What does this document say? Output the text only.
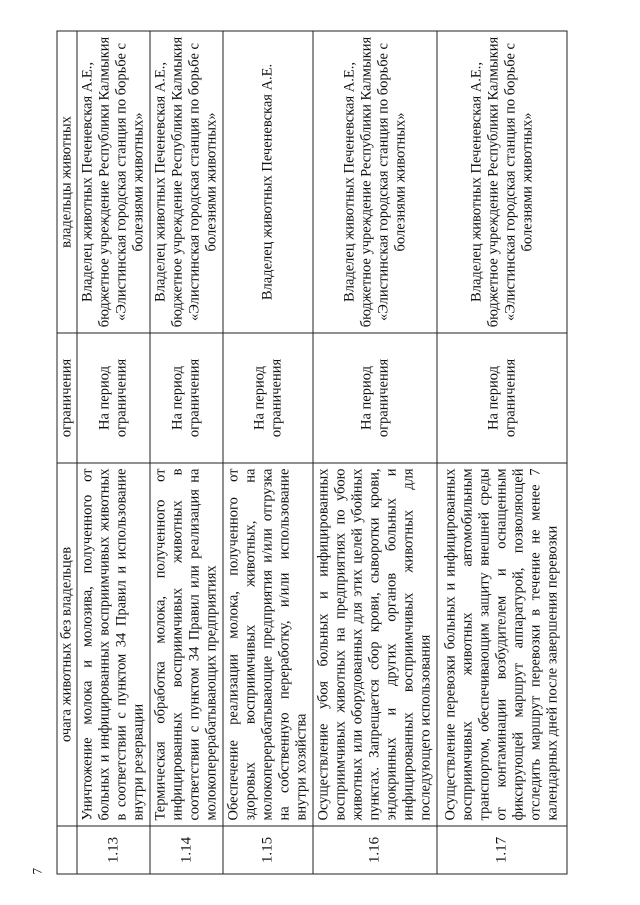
7
	очага животных без владельцев	ограничения	владельцы животных
1.13	Уничтожение молока и молозива, полученного от больных и инфицированных восприимчивых животных в соответствии с пунктом 34 Правил и использование внутри резервации	На период ограничения	Владелец животных Печеневская А.Е., бюджетное учреждение Республики Калмыкия «Элистинская городская станция по борьбе с болезнями животных»
1.14	Термическая обработка молока, полученного от инфицированных восприимчивых животных в соответствии с пунктом 34 Правил или реализация на молокоперерабатывающих предприятиях	На период ограничения	Владелец животных Печеневская А.Е., бюджетное учреждение Республики Калмыкия «Элистинская городская станция по борьбе с болезнями животных»
1.15	Обеспечение реализации молока, полученного от здоровых восприимчивых животных, на молокоперерабатывающие предприятия и/или отгрузка на собственную переработку, и/или использование внутри хозяйства	На период ограничения	Владелец животных Печеневская А.Е.
1.16	Осуществление убоя больных и инфицированных восприимчивых животных на предприятиях по убою животных или оборудованных для этих целей убойных пунктах. Запрещается сбор крови, сыворотки крови, эндокринных и других органов больных и инфицированных восприимчивых животных для последующего использования	На период ограничения	Владелец животных Печеневская А.Е., бюджетное учреждение Республики Калмыкия «Элистинская городская станция по борьбе с болезнями животных»
1.17	Осуществление перевозки больных и инфицированных восприимчивых животных автомобильным транспортом, обеспечивающим защиту внешней среды от контаминации возбудителем и оснащенным фиксирующей маршрут аппаратурой, позволяющей отследить маршрут перевозки в течение не менее 7 календарных дней после завершения перевозки	На период ограничения	Владелец животных Печеневская А.Е., бюджетное учреждение Республики Калмыкия «Элистинская городская станция по борьбе с болезнями животных»
